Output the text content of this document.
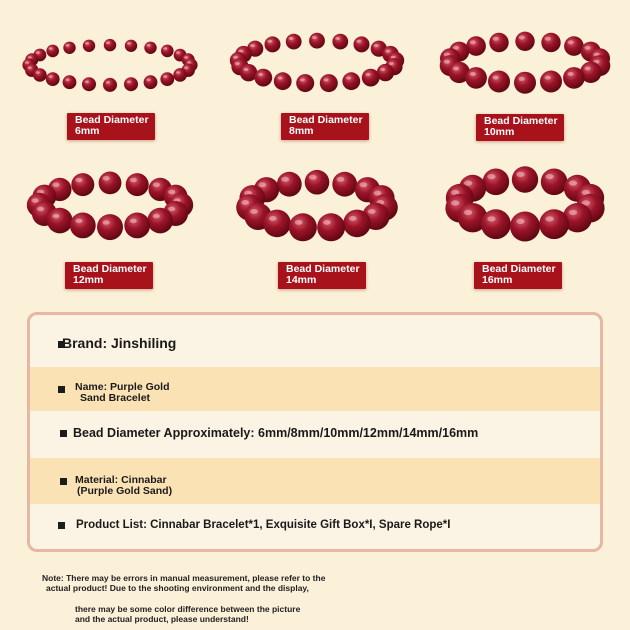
Bead Diameter
6mm
Bead Diameter
8mm
Bead Diameter
10mm
Bead Diameter
12mm
Bead Diameter
14mm
Bead Diameter
16mm
Brand: Jinshiling
Name: Purple Gold
Sand Bracelet
Bead Diameter Approximately: 6mm/8mm/10mm/12mm/14mm/16mm
Material: Cinnabar
(Purple Gold Sand)
Product List: Cinnabar Bracelet*1, Exquisite Gift Box*I, Spare Rope*I
Note: There may be errors in manual measurement, please refer to the
actual product! Due to the shooting environment and the display,
there may be some color difference between the picture
and the actual product, please understand!
